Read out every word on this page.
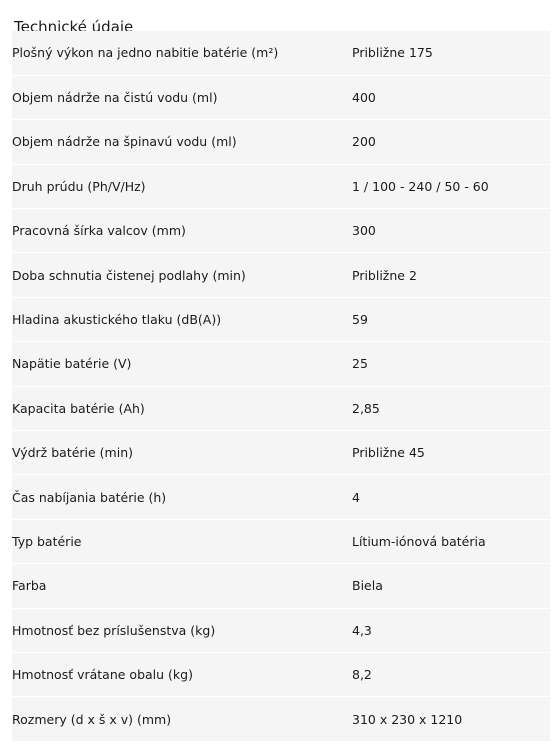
Technické údaje
Plošný výkon na jedno nabitie batérie (m²)	Približne 175
Objem nádrže na čistú vodu (ml)	400
Objem nádrže na špinavú vodu (ml)	200
Druh prúdu (Ph/V/Hz)	1 / 100 - 240 / 50 - 60
Pracovná šírka valcov (mm)	300
Doba schnutia čistenej podlahy (min)	Približne 2
Hladina akustického tlaku (dB(A))	59
Napätie batérie (V)	25
Kapacita batérie (Ah)	2,85
Výdrž batérie (min)	Približne 45
Čas nabíjania batérie (h)	4
Typ batérie	Lítium-iónová batéria
Farba	Biela
Hmotnosť bez príslušenstva (kg)	4,3
Hmotnosť vrátane obalu (kg)	8,2
Rozmery (d x š x v) (mm)	310 x 230 x 1210
